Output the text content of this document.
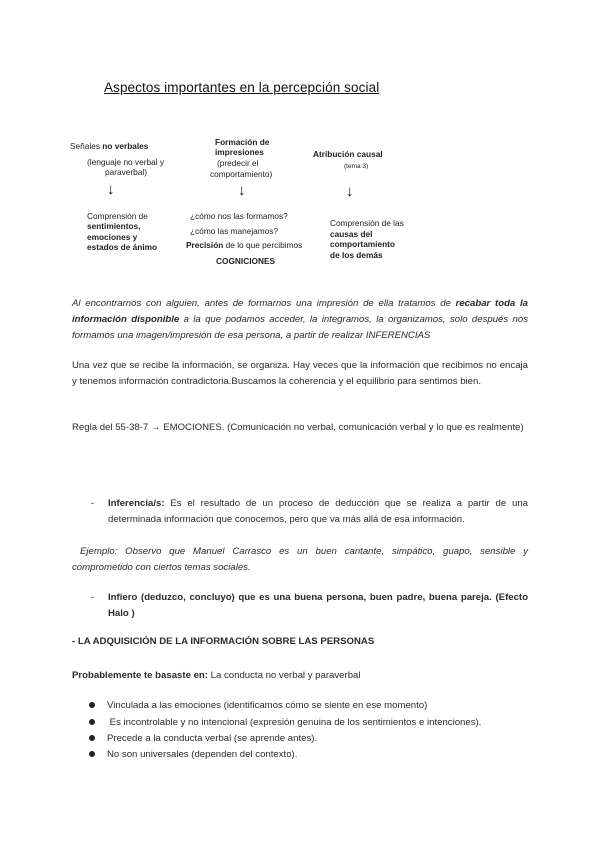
Aspectos importantes en la percepción social
Señales no verbales
(lenguaje no verbal y
paraverbal)
↓
Comprensión de
sentimientos,
emociones y
estados de ánimo
Formación de
impresiones
(predecir el
comportamiento)
↓
¿cómo nos las formamos?
¿cómo las manejamos?
Precisión de lo que percibimos
COGNICIONES
Atribución causal
(tema 3)
↓
Comprensión de las
causas del
comportamiento
de los demás
Al encontrarnos con alguien, antes de formarnos una impresión de ella tratamos de recabar toda la información disponible a la que podamos acceder, la integramos, la organizamos, solo después nos formamos una imagen/impresión de esa persona, a partir de realizar INFERENCIAS
Una vez que se recibe la información, se organiza. Hay veces que la información que recibimos no encaja y tenemos información contradictoria.Buscamos la coherencia y el equilibrio para sentimos bien.
Regla del 55-38-7 → EMOCIONES. (Comunicación no verbal, comunicación verbal y lo que es realmente)
-	Inferencia/s: Es el resultado de un proceso de deducción que se realiza a partir de una determinada información que conocemos, pero que va más allá de esa información.
Ejemplo: Observo que Manuel Carrasco es un buen cantante, simpático, guapo, sensible y comprometido con ciertos temas sociales.
-	Infiero (deduzco, concluyo) que es una buena persona, buen padre, buena pareja. (Efecto Halo )
- LA ADQUISICIÓN DE LA INFORMACIÓN SOBRE LAS PERSONAS
Probablemente te basaste en: La conducta no verbal y paraverbal
Vinculada a las emociones (identificamos cómo se siente en ese momento)
Es incontrolable y no intencional (expresión genuina de los sentimientos e intenciones).
Precede a la conducta verbal (se aprende antes).
No son universales (dependen del contexto).
